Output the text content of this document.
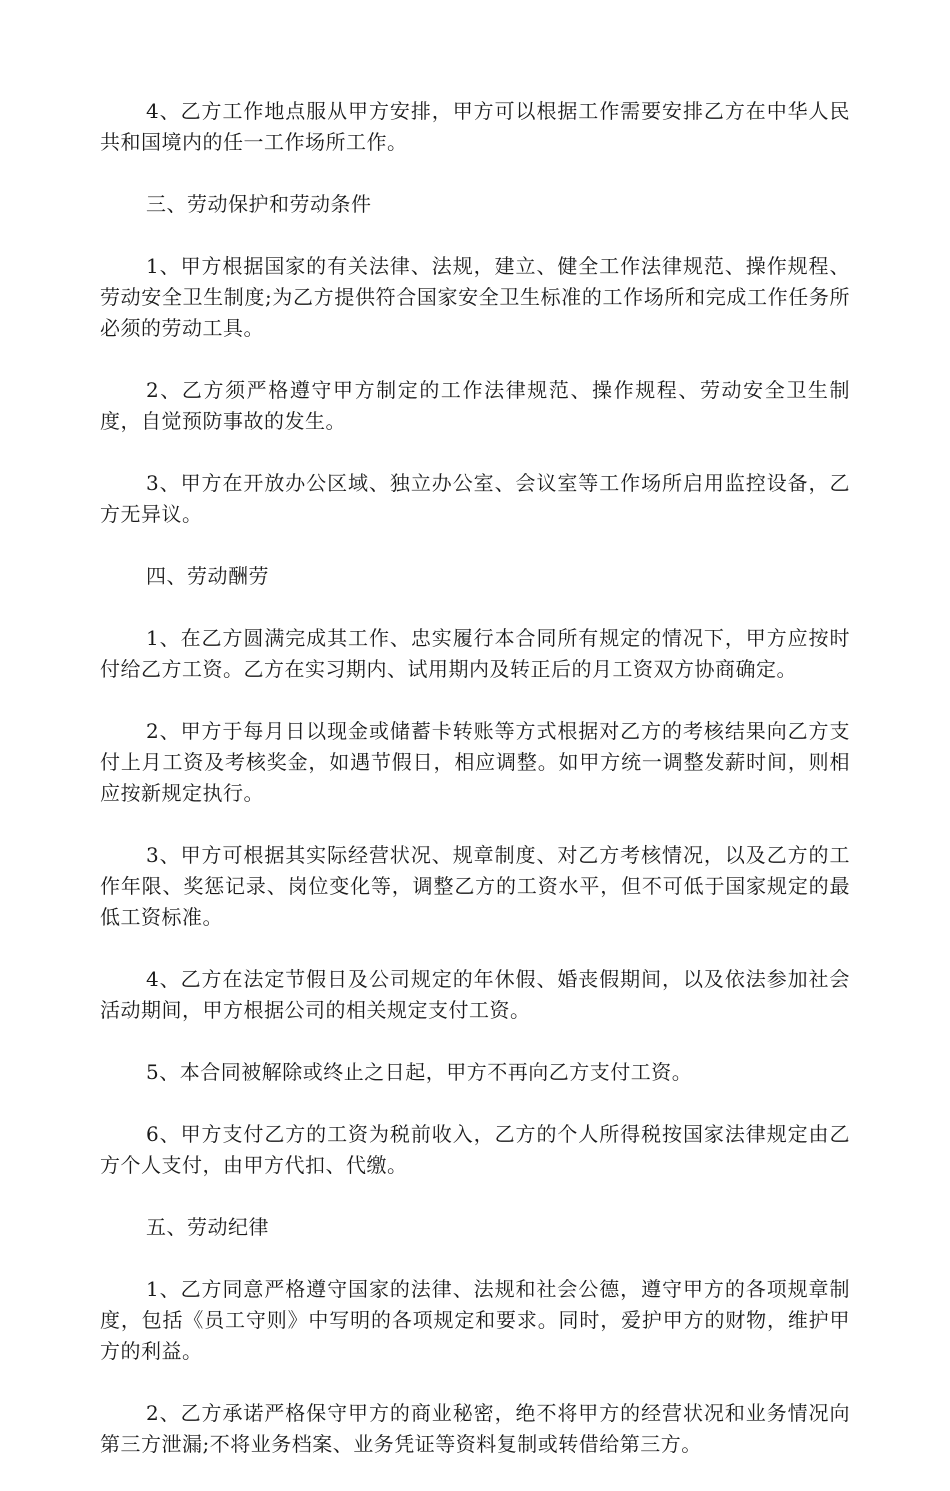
4、乙方工作地点服从甲方安排，甲方可以根据工作需要安排乙方在中华人民共和国境内的任一工作场所工作。

三、劳动保护和劳动条件

1、甲方根据国家的有关法律、法规，建立、健全工作法律规范、操作规程、劳动安全卫生制度;为乙方提供符合国家安全卫生标准的工作场所和完成工作任务所必须的劳动工具。

2、乙方须严格遵守甲方制定的工作法律规范、操作规程、劳动安全卫生制度，自觉预防事故的发生。

3、甲方在开放办公区域、独立办公室、会议室等工作场所启用监控设备，乙方无异议。

四、劳动酬劳

1、在乙方圆满完成其工作、忠实履行本合同所有规定的情况下，甲方应按时付给乙方工资。乙方在实习期内、试用期内及转正后的月工资双方协商确定。

2、甲方于每月日以现金或储蓄卡转账等方式根据对乙方的考核结果向乙方支付上月工资及考核奖金，如遇节假日，相应调整。如甲方统一调整发薪时间，则相应按新规定执行。

3、甲方可根据其实际经营状况、规章制度、对乙方考核情况，以及乙方的工作年限、奖惩记录、岗位变化等，调整乙方的工资水平，但不可低于国家规定的最低工资标准。

4、乙方在法定节假日及公司规定的年休假、婚丧假期间，以及依法参加社会活动期间，甲方根据公司的相关规定支付工资。

5、本合同被解除或终止之日起，甲方不再向乙方支付工资。

6、甲方支付乙方的工资为税前收入，乙方的个人所得税按国家法律规定由乙方个人支付，由甲方代扣、代缴。

五、劳动纪律

1、乙方同意严格遵守国家的法律、法规和社会公德，遵守甲方的各项规章制度，包括《员工守则》中写明的各项规定和要求。同时，爱护甲方的财物，维护甲方的利益。

2、乙方承诺严格保守甲方的商业秘密，绝不将甲方的经营状况和业务情况向第三方泄漏;不将业务档案、业务凭证等资料复制或转借给第三方。
